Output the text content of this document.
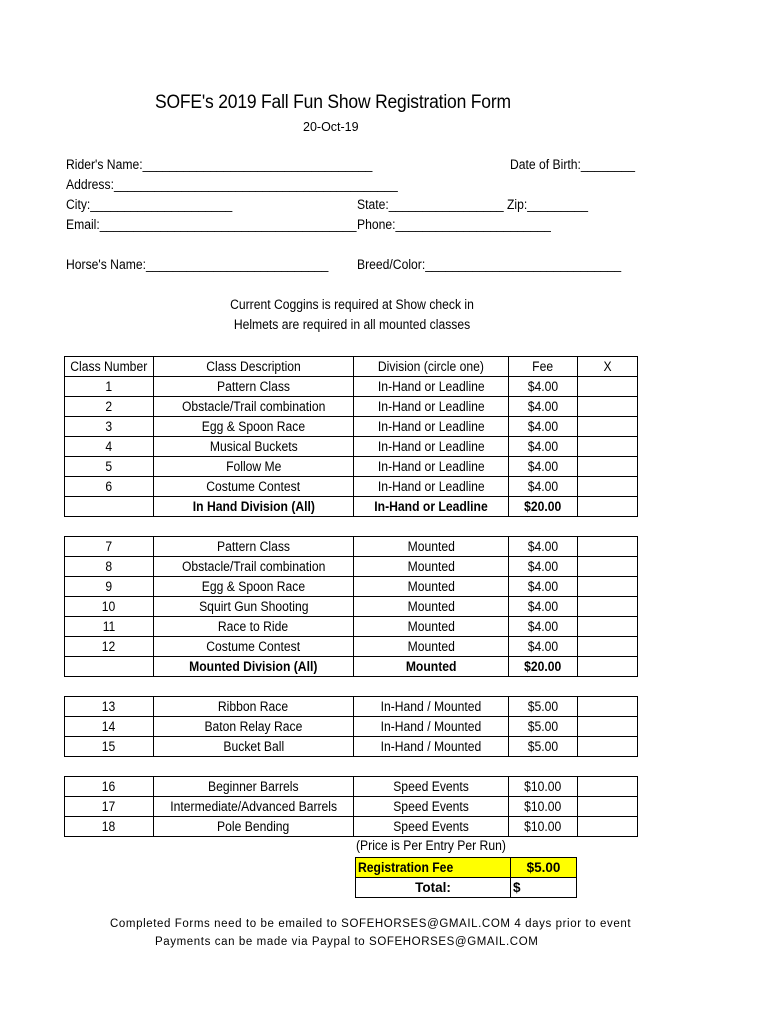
SOFE's 2019 Fall Fun Show Registration Form
20-Oct-19
Rider's Name:__________________________________	Date of Birth:________
Address:__________________________________________
City:_____________________	State:_________________ Zip:_________
Email:______________________________________ Phone:_______________________
Horse's Name:___________________________ Breed/Color:_____________________________
Current Coggins is required at Show check in
Helmets are required in all mounted classes
Class Number	Class Description	Division (circle one)	Fee	X
1	Pattern Class	In-Hand or Leadline	$4.00	
2	Obstacle/Trail combination	In-Hand or Leadline	$4.00	
3	Egg & Spoon Race	In-Hand or Leadline	$4.00	
4	Musical Buckets	In-Hand or Leadline	$4.00	
5	Follow Me	In-Hand or Leadline	$4.00	
6	Costume Contest	In-Hand or Leadline	$4.00	
	In Hand Division (All)	In-Hand or Leadline	$20.00	
7	Pattern Class	Mounted	$4.00	
8	Obstacle/Trail combination	Mounted	$4.00	
9	Egg & Spoon Race	Mounted	$4.00	
10	Squirt Gun Shooting	Mounted	$4.00	
11	Race to Ride	Mounted	$4.00	
12	Costume Contest	Mounted	$4.00	
	Mounted Division (All)	Mounted	$20.00	
13	Ribbon Race	In-Hand / Mounted	$5.00	
14	Baton Relay Race	In-Hand / Mounted	$5.00	
15	Bucket Ball	In-Hand / Mounted	$5.00	
16	Beginner Barrels	Speed Events	$10.00	
17	Intermediate/Advanced Barrels	Speed Events	$10.00	
18	Pole Bending	Speed Events	$10.00	
(Price is Per Entry Per Run)
Registration Fee	$5.00
Total:	$
Completed Forms need to be emailed to SOFEHORSES@GMAIL.COM 4 days prior to event
Payments can be made via Paypal to SOFEHORSES@GMAIL.COM
